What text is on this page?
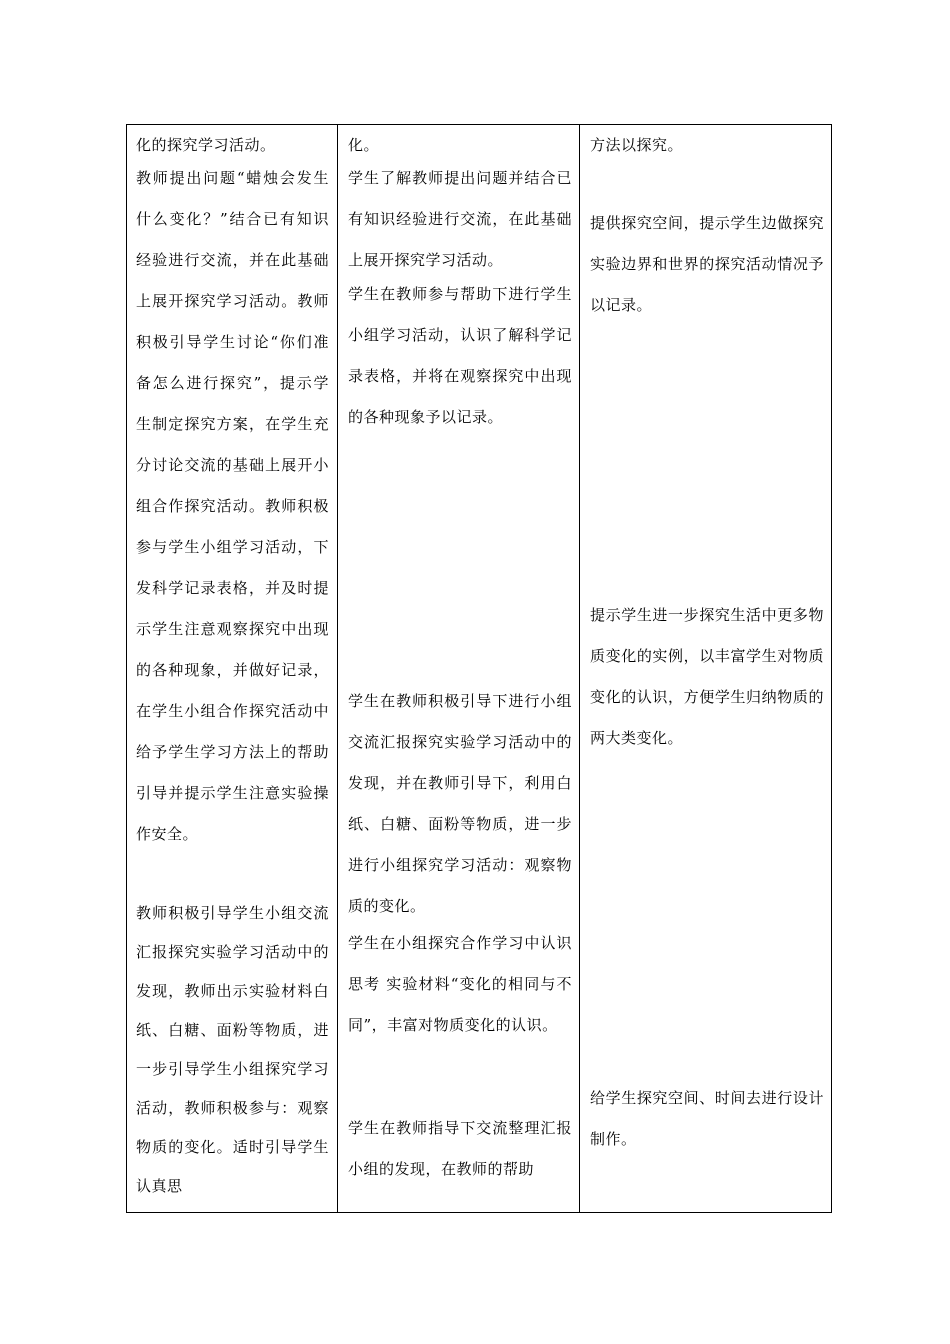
化的探究学习活动。
教师提出问题“蜡烛会发生什么变化？”结合已有知识经验进行交流，并在此基础上展开探究学习活动。教师积极引导学生讨论“你们准备怎么进行探究”，提示学生制定探究方案，在学生充分讨论交流的基础上展开小组合作探究活动。教师积极参与学生小组学习活动，下发科学记录表格，并及时提示学生注意观察探究中出现的各种现象，并做好记录，在学生小组合作探究活动中给予学生学习方法上的帮助引导并提示学生注意实验操作安全。
教师积极引导学生小组交流汇报探究实验学习活动中的发现，教师出示实验材料白纸、白糖、面粉等物质，进一步引导学生小组探究学习活动，教师积极参与：观察物质的变化。适时引导学生认真思
化。
学生了解教师提出问题并结合已有知识经验进行交流，在此基础上展开探究学习活动。
学生在教师参与帮助下进行学生小组学习活动，认识了解科学记录表格，并将在观察探究中出现的各种现象予以记录。
学生在教师积极引导下进行小组交流汇报探究实验学习活动中的发现，并在教师引导下，利用白纸、白糖、面粉等物质，进一步进行小组探究学习活动：观察物质的变化。
学生在小组探究合作学习中认识思考 实验材料“变化的相同与不同”，丰富对物质变化的认识。
学生在教师指导下交流整理汇报小组的发现，在教师的帮助
方法以探究。
提供探究空间，提示学生边做探究实验边界和世界的探究活动情况予以记录。
提示学生进一步探究生活中更多物质变化的实例，以丰富学生对物质变化的认识，方便学生归纳物质的两大类变化。
给学生探究空间、时间去进行设计制作。
